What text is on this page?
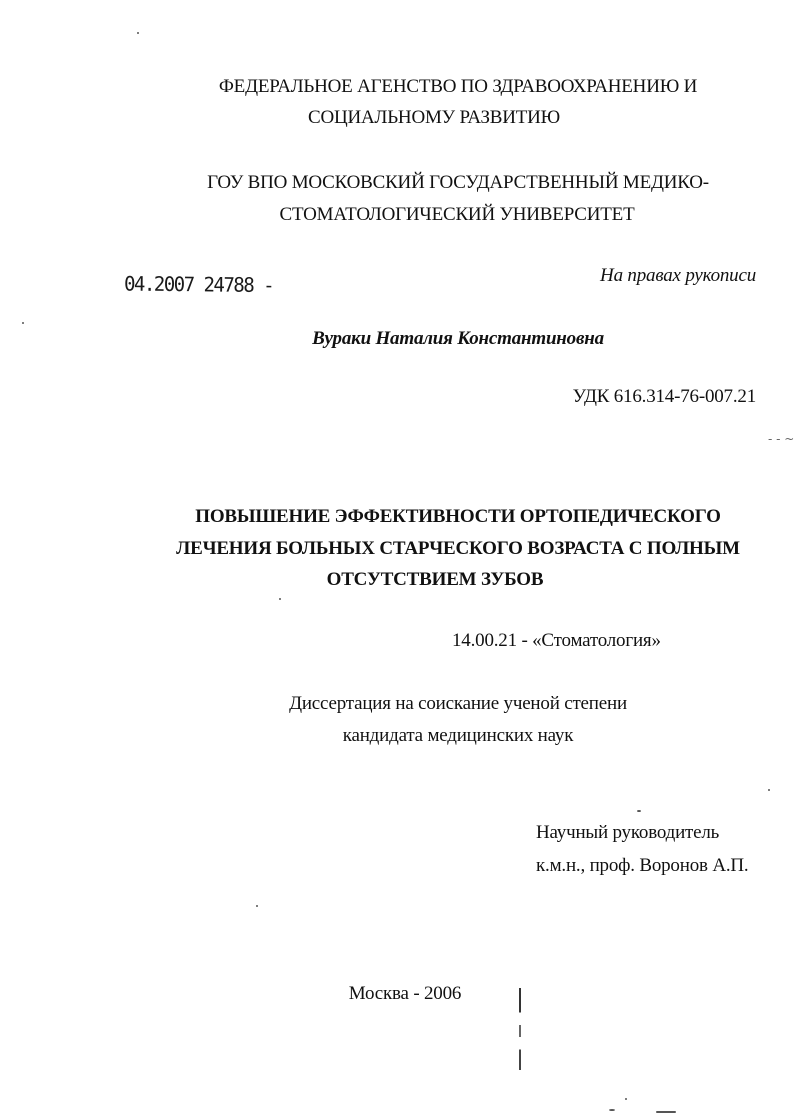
ФЕДЕРАЛЬНОЕ АГЕНСТВО ПО ЗДРАВООХРАНЕНИЮ И
СОЦИАЛЬНОМУ РАЗВИТИЮ
ГОУ ВПО МОСКОВСКИЙ ГОСУДАРСТВЕННЫЙ МЕДИКО-
СТОМАТОЛОГИЧЕСКИЙ УНИВЕРСИТЕТ
04.2007 24788 -	На правах рукописи
Вураки Наталия Константиновна
УДК 616.314-76-007.21
ПОВЫШЕНИЕ ЭФФЕКТИВНОСТИ ОРТОПЕДИЧЕСКОГО
ЛЕЧЕНИЯ БОЛЬНЫХ СТАРЧЕСКОГО ВОЗРАСТА С ПОЛНЫМ
ОТСУТСТВИЕМ ЗУБОВ
14.00.21 - «Стоматология»
Диссертация на соискание ученой степени
кандидата медицинских наук
Научный руководитель
к.м.н., проф. Воронов А.П.
Москва - 2006
- - ~
